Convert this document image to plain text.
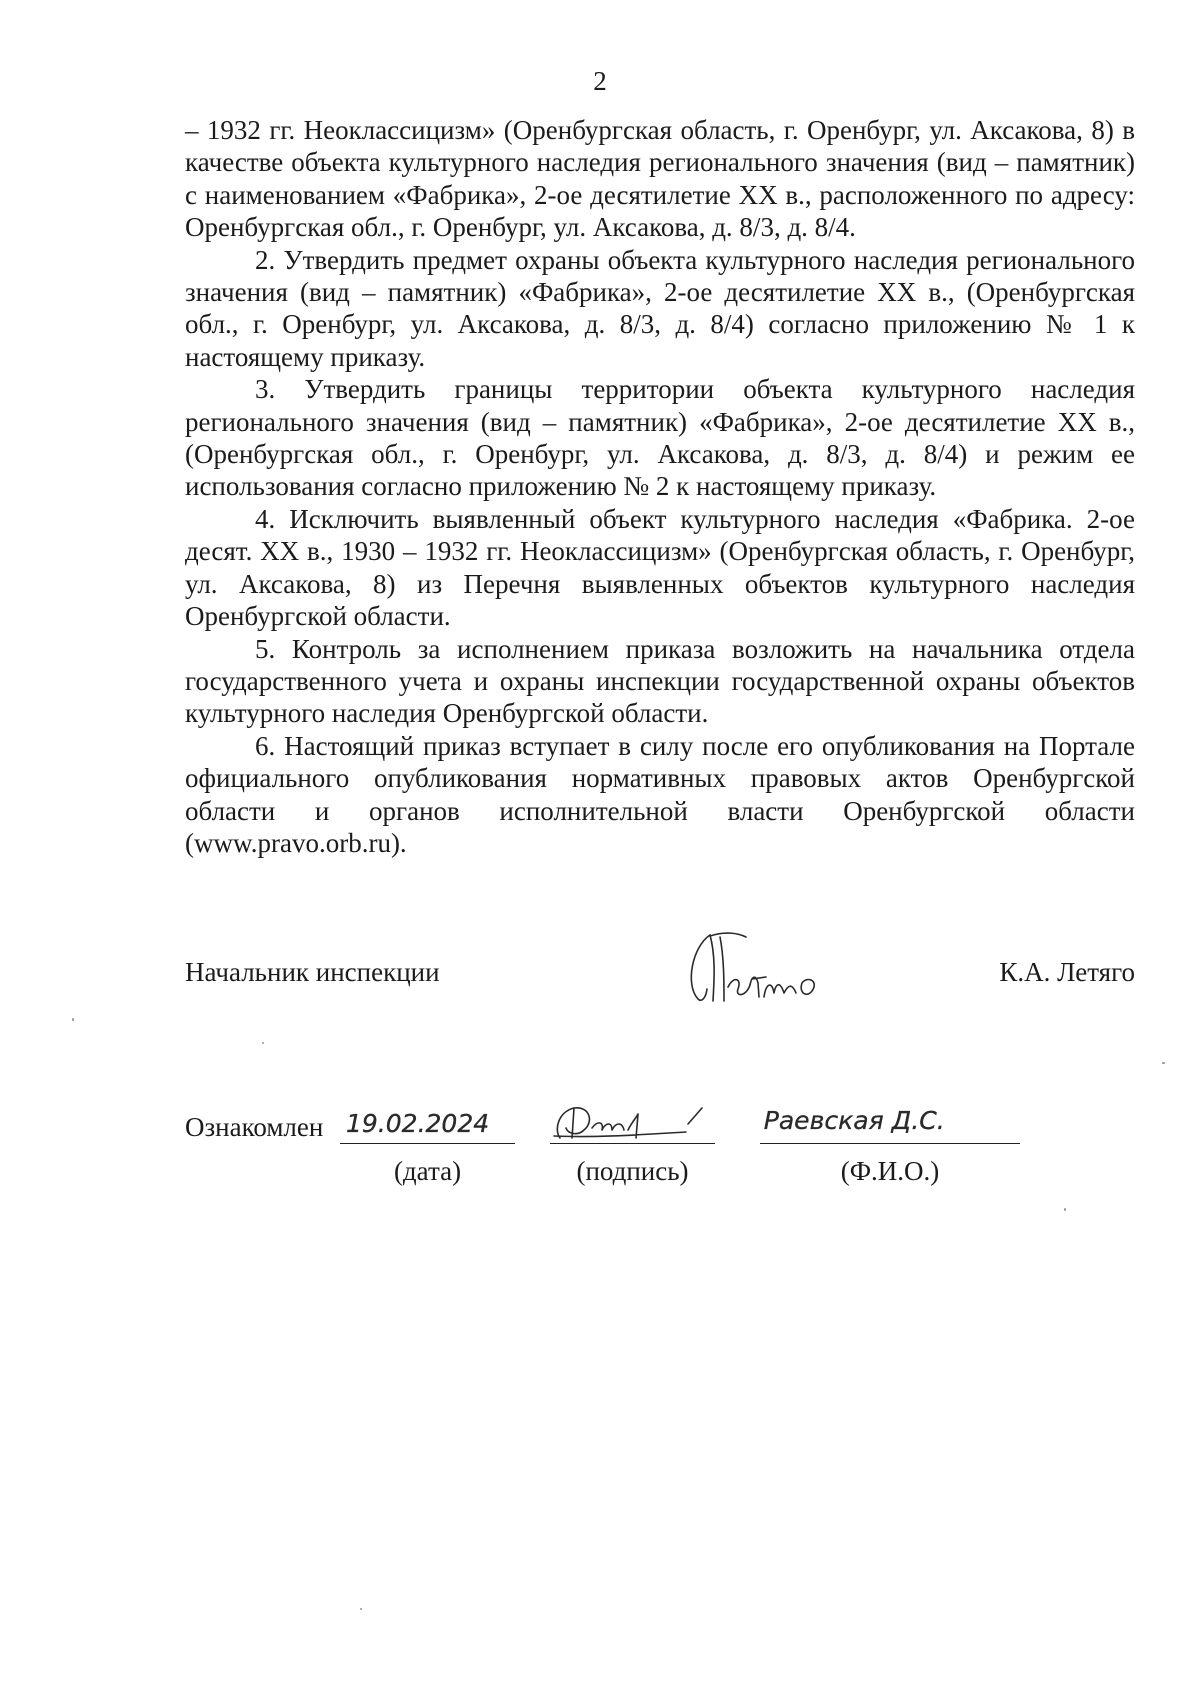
2

– 1932 гг. Неоклассицизм» (Оренбургская область, г. Оренбург, ул. Аксакова, 8) в качестве объекта культурного наследия регионального значения (вид – памятник) с наименованием «Фабрика», 2-ое десятилетие XX в., расположенного по адресу: Оренбургская обл., г. Оренбург, ул. Аксакова, д. 8/3, д. 8/4.

2. Утвердить предмет охраны объекта культурного наследия регионального значения (вид – памятник) «Фабрика», 2-ое десятилетие XX в., (Оренбургская обл., г. Оренбург, ул. Аксакова, д. 8/3, д. 8/4) согласно приложению № 1 к настоящему приказу.

3. Утвердить границы территории объекта культурного наследия регионального значения (вид – памятник) «Фабрика», 2-ое десятилетие XX в., (Оренбургская обл., г. Оренбург, ул. Аксакова, д. 8/3, д. 8/4) и режим ее использования согласно приложению № 2 к настоящему приказу.

4. Исключить выявленный объект культурного наследия «Фабрика. 2-ое десят. XX в., 1930 – 1932 гг. Неоклассицизм» (Оренбургская область, г. Оренбург, ул. Аксакова, 8) из Перечня выявленных объектов культурного наследия Оренбургской области.

5. Контроль за исполнением приказа возложить на начальника отдела государственного учета и охраны инспекции государственной охраны объектов культурного наследия Оренбургской области.

6. Настоящий приказ вступает в силу после его опубликования на Портале официального опубликования нормативных правовых актов Оренбургской области и органов исполнительной власти Оренбургской области (www.pravo.orb.ru).

Начальник инспекции	К.А. Летяго
Ознакомлен 19.02.2024
(дата)	(подпись)
Раевская Д.С.
(Ф.И.О.)
